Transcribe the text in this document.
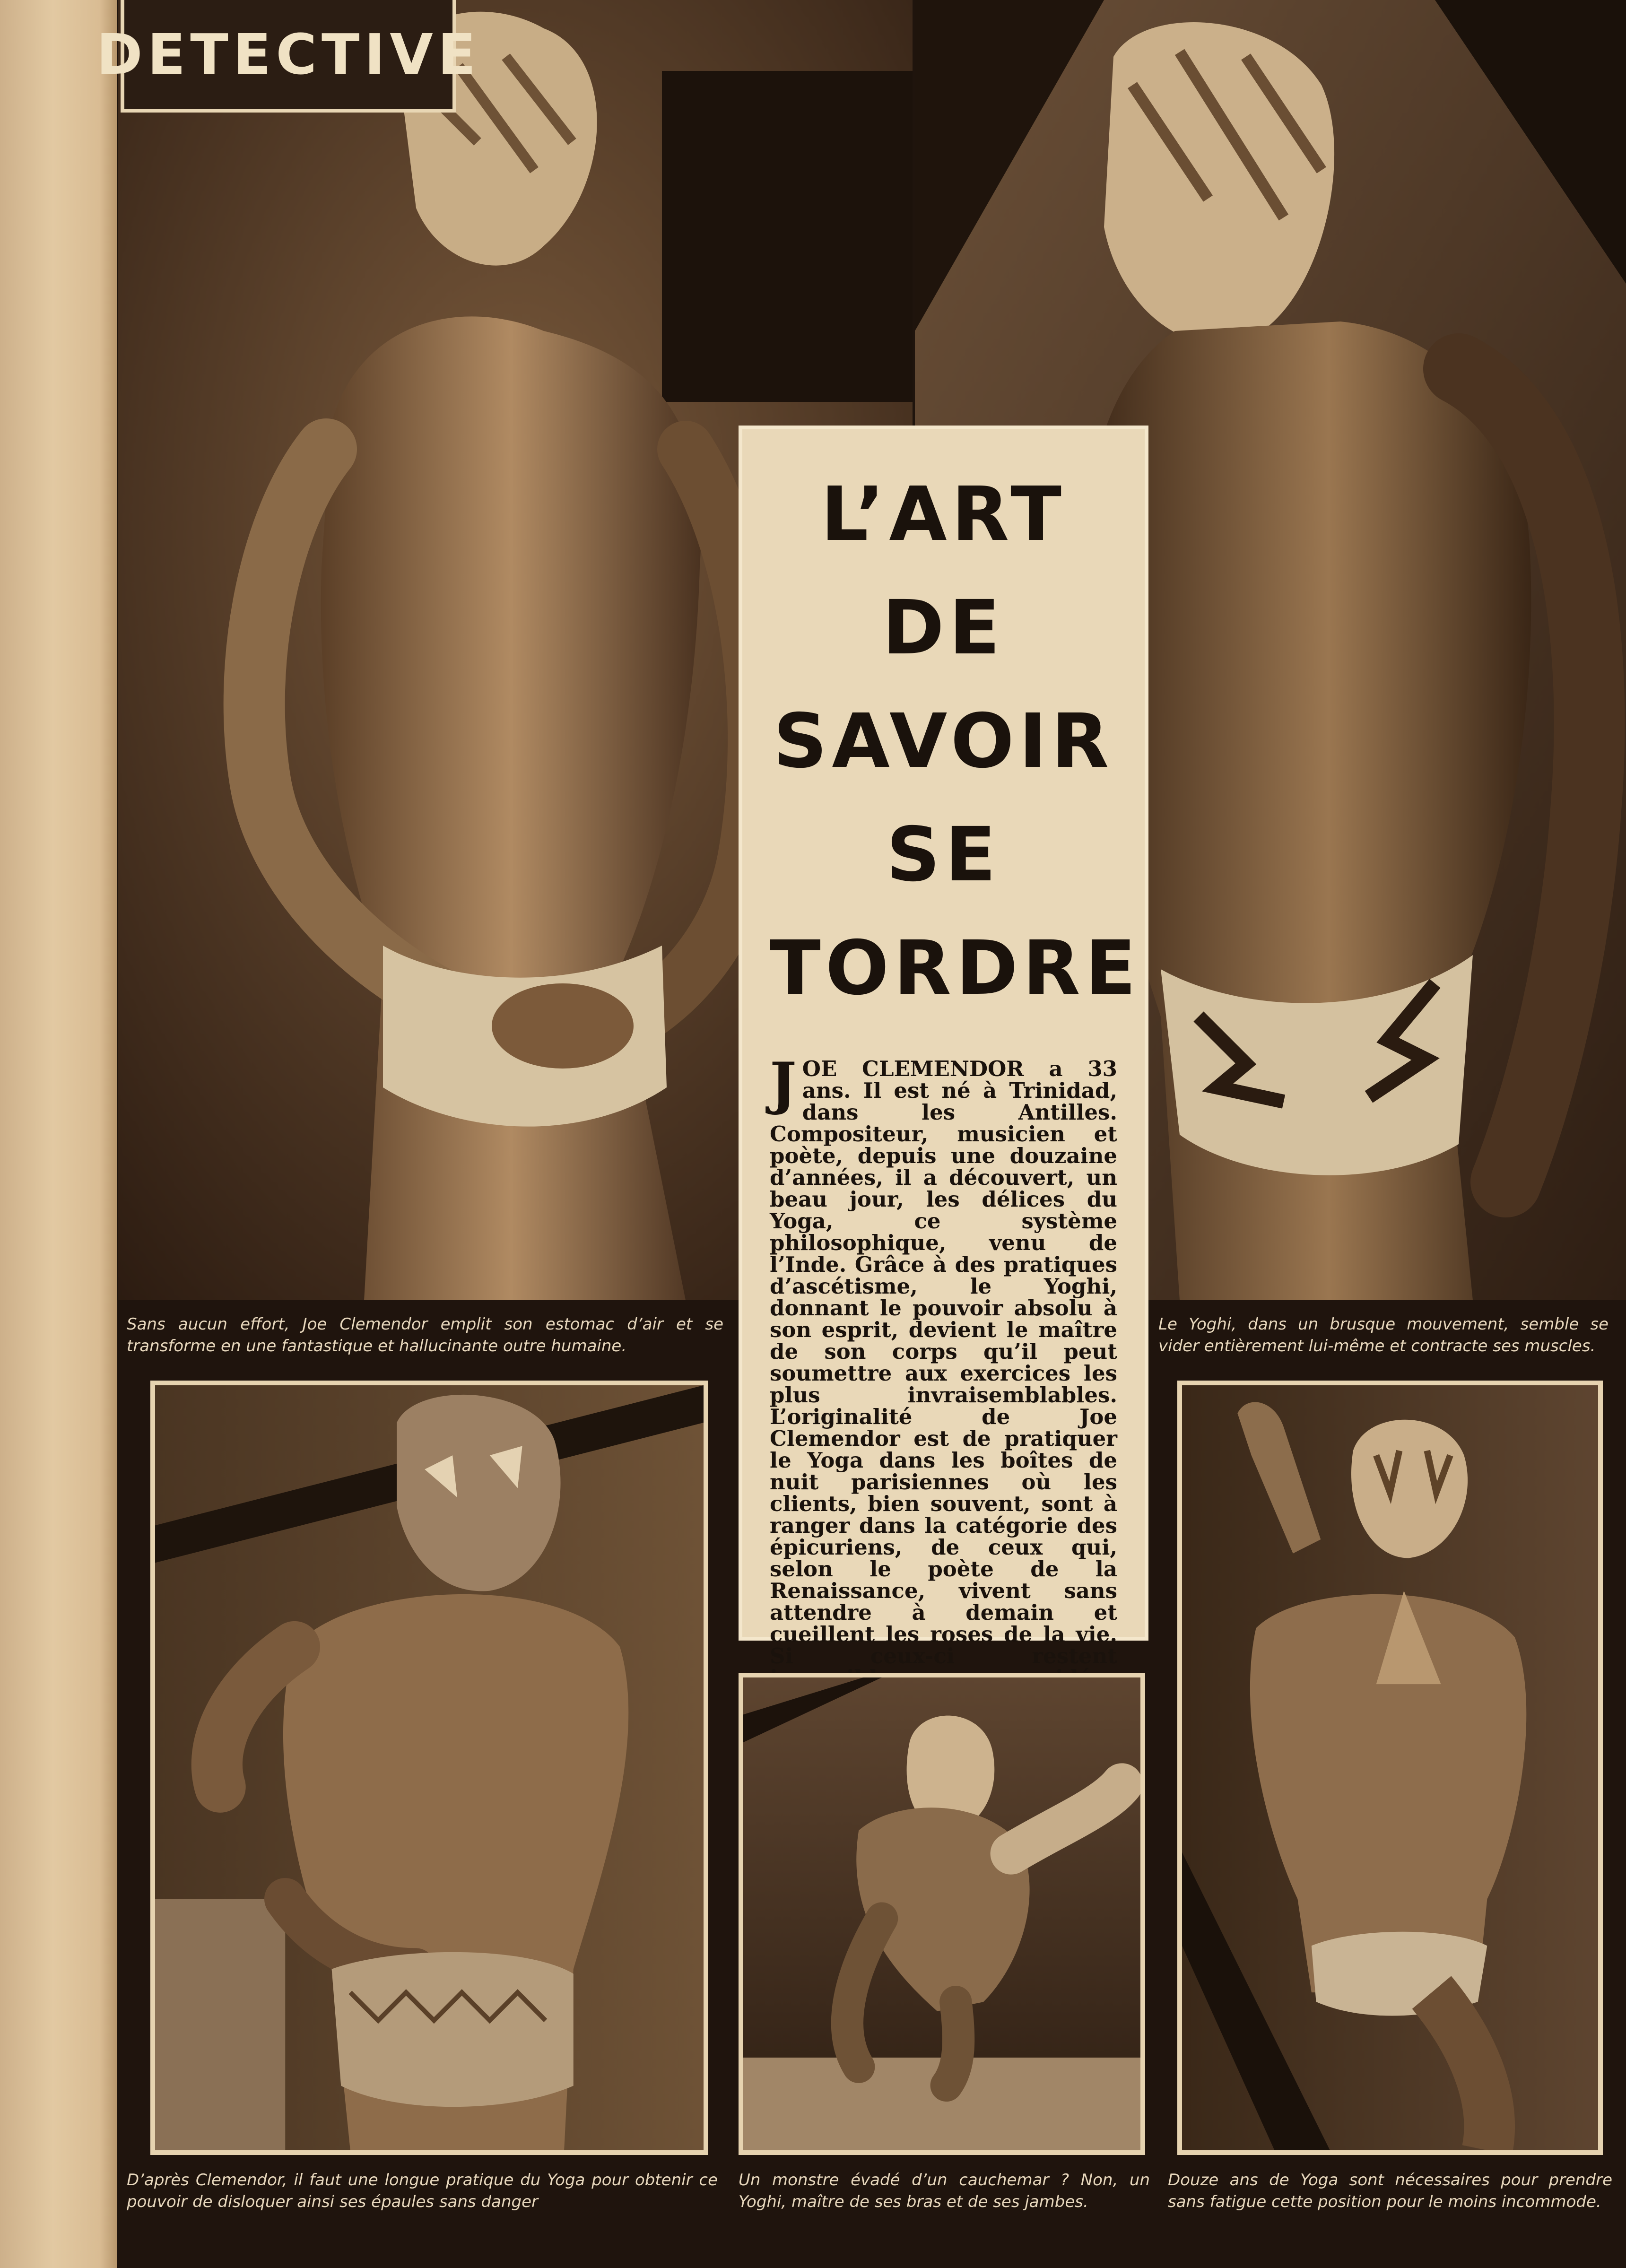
DETECTIVE
L’ART
DE
SAVOIR
SE
TORDRE

JOE CLEMENDOR a 33 ans. Il est né à Trinidad, dans les Antilles. Compositeur, musicien et poète, depuis une douzaine d’années, il a découvert, un beau jour, les délices du Yoga, ce système philosophique, venu de l’Inde. Grâce à des pratiques d’ascétisme, le Yoghi, donnant le pouvoir absolu à son esprit, devient le maître de son corps qu’il peut soumettre aux exercices les plus invraisemblables. L’originalité de Joe Clemendor est de pratiquer le Yoga dans les boîtes de nuit parisiennes où les clients, bien souvent, sont à ranger dans la catégorie des épicuriens, de ceux qui, selon le poète de la Renaissance, vivent sans attendre à demain et cueillent les roses de la vie. Si ceux-ci restent

Sans aucun effort, Joe Clemendor emplit son estomac d’air et se transforme en une fantastique et hallucinante outre humaine.
Le Yoghi, dans un brusque mouvement, semble se vider entièrement lui-même et contracte ses muscles.
D’après Clemendor, il faut une longue pratique du Yoga pour obtenir ce pouvoir de disloquer ainsi ses épaules sans danger
Un monstre évadé d’un cauchemar ? Non, un Yoghi, maître de ses bras et de ses jambes.
Douze ans de Yoga sont nécessaires pour prendre sans fatigue cette position pour le moins incommode.
